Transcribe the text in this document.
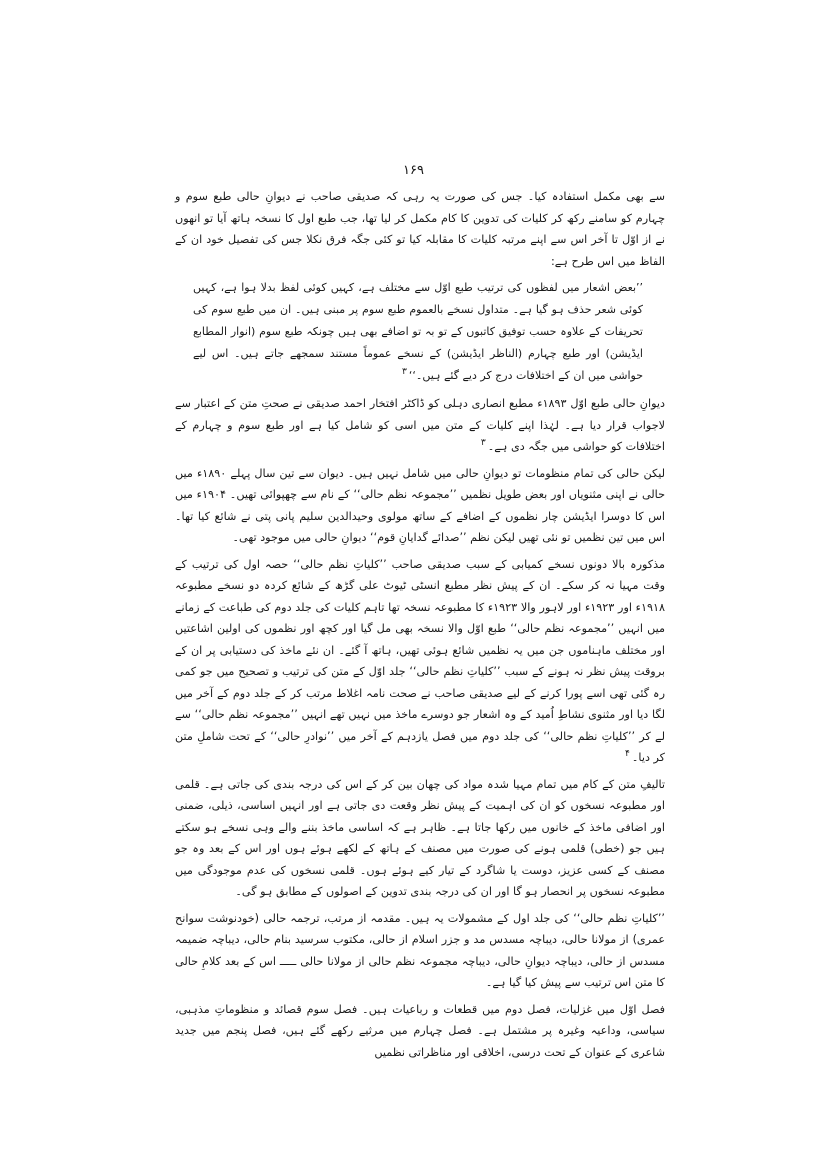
۱۶۹

سے بھی مکمل استفادہ کیا۔ جس کی صورت یہ رہی کہ صدیقی صاحب نے دیوانِ حالی طبع سوم و چہارم کو سامنے رکھ کر کلیات کی تدوین کا کام مکمل کر لیا تھا، جب طبع اول کا نسخہ ہاتھ آیا تو انھوں نے از اوّل تا آخر اس سے اپنے مرتبہ کلیات کا مقابلہ کیا تو کئی جگہ فرق نکلا جس کی تفصیل خود ان کے الفاظ میں اس طرح ہے:

’’بعض اشعار میں لفظوں کی ترتیب طبع اوّل سے مختلف ہے، کہیں کوئی لفظ بدلا ہوا ہے، کہیں کوئی شعر حذف ہو گیا ہے۔ متداول نسخے بالعموم طبع سوم پر مبنی ہیں۔ ان میں طبع سوم کی تحریفات کے علاوہ حسب توفیق کاتبوں کے تو بہ تو اضافے بھی ہیں چونکہ طبع سوم (انوار المطابع ایڈیشن) اور طبع چہارم (الناظر ایڈیشن) کے نسخے عموماً مستند سمجھے جاتے ہیں۔ اس لیے حواشی میں ان کے اختلافات درج کر دیے گئے ہیں۔‘‘$^۳$

دیوانِ حالی طبع اوّل ۱۸۹۳ء مطبع انصاری دہلی کو ڈاکٹر افتخار احمد صدیقی نے صحتِ متن کے اعتبار سے لاجواب قرار دیا ہے۔ لہٰذا اپنے کلیات کے متن میں اسی کو شامل کیا ہے اور طبع سوم و چہارم کے اختلافات کو حواشی میں جگہ دی ہے۔$^۳$

لیکن حالی کی تمام منظومات تو دیوانِ حالی میں شامل نہیں ہیں۔ دیوان سے تین سال پہلے ۱۸۹۰ء میں حالی نے اپنی مثنویاں اور بعض طویل نظمیں ’’مجموعہ نظم حالی‘‘ کے نام سے چھپوائی تھیں۔ ۱۹۰۴ء میں اس کا دوسرا ایڈیشن چار نظموں کے اضافے کے ساتھ مولوی وحیدالدین سلیم پانی پتی نے شائع کیا تھا۔ اس میں تین نظمیں تو نئی تھیں لیکن نظم ’’صدائے گدایانِ قوم‘‘ دیوانِ حالی میں موجود تھی۔

مذکورہ بالا دونوں نسخے کمیابی کے سبب صدیقی صاحب ’’کلیاتِ نظم حالی‘‘ حصہ اول کی ترتیب کے وقت مہیا نہ کر سکے۔ ان کے پیش نظر مطبع انسٹی ٹیوٹ علی گڑھ کے شائع کردہ دو نسخے مطبوعہ ۱۹۱۸ء اور ۱۹۲۳ء اور لاہور والا ۱۹۲۳ء کا مطبوعہ نسخہ تھا تاہم کلیات کی جلد دوم کی طباعت کے زمانے میں انہیں ’’مجموعہ نظم حالی‘‘ طبع اوّل والا نسخہ بھی مل گیا اور کچھ اور نظموں کی اولین اشاعتیں اور مختلف ماہناموں جن میں یہ نظمیں شائع ہوئی تھیں، ہاتھ آ گئے۔ ان نئے ماخذ کی دستیابی پر ان کے بروقت پیش نظر نہ ہونے کے سبب ’’کلیاتِ نظم حالی‘‘ جلد اوّل کے متن کی ترتیب و تصحیح میں جو کمی رہ گئی تھی اسے پورا کرنے کے لیے صدیقی صاحب نے صحت نامہ اغلاط مرتب کر کے جلد دوم کے آخر میں لگا دیا اور مثنوی نشاطِ اُمید کے وہ اشعار جو دوسرے ماخذ میں نہیں تھے انہیں ’’مجموعہ نظم حالی‘‘ سے لے کر ’’کلیاتِ نظم حالی‘‘ کی جلد دوم میں فصل یازدہم کے آخر میں ’’نوادرِ حالی‘‘ کے تحت شاملِ متن کر دیا۔$^۴$

تالیفِ متن کے کام میں تمام مہیا شدہ مواد کی چھان بین کر کے اس کی درجہ بندی کی جاتی ہے۔ قلمی اور مطبوعہ نسخوں کو ان کی اہمیت کے پیش نظر وقعت دی جاتی ہے اور انہیں اساسی، ذیلی، ضمنی اور اضافی ماخذ کے خانوں میں رکھا جاتا ہے۔ ظاہر ہے کہ اساسی ماخذ بننے والے وہی نسخے ہو سکتے ہیں جو (خطی) قلمی ہونے کی صورت میں مصنف کے ہاتھ کے لکھے ہوئے ہوں اور اس کے بعد وہ جو مصنف کے کسی عزیز، دوست یا شاگرد کے تیار کیے ہوئے ہوں۔ قلمی نسخوں کی عدم موجودگی میں مطبوعہ نسخوں پر انحصار ہو گا اور ان کی درجہ بندی تدوین کے اصولوں کے مطابق ہو گی۔

’’کلیاتِ نظم حالی‘‘ کی جلد اول کے مشمولات یہ ہیں۔ مقدمہ از مرتب، ترجمہ حالی (خودنوشت سوانح عمری) از مولانا حالی، دیباچہ مسدس مد و جزر اسلام از حالی، مکتوب سرسید بنام حالی، دیباچہ ضمیمہ مسدس از حالی، دیباچہ دیوانِ حالی، دیباچہ مجموعہ نظم حالی از مولانا حالی ـــــ اس کے بعد کلامِ حالی کا متن اس ترتیب سے پیش کیا گیا ہے۔

فصل اوّل میں غزلیات، فصل دوم میں قطعات و رباعیات ہیں۔ فصل سوم قصائد و منظوماتِ مذہبی، سیاسی، وداعیہ وغیرہ پر مشتمل ہے۔ فصل چہارم میں مرثیے رکھے گئے ہیں، فصل پنجم میں جدید شاعری کے عنوان کے تحت درسی، اخلاقی اور مناظراتی نظمیں
